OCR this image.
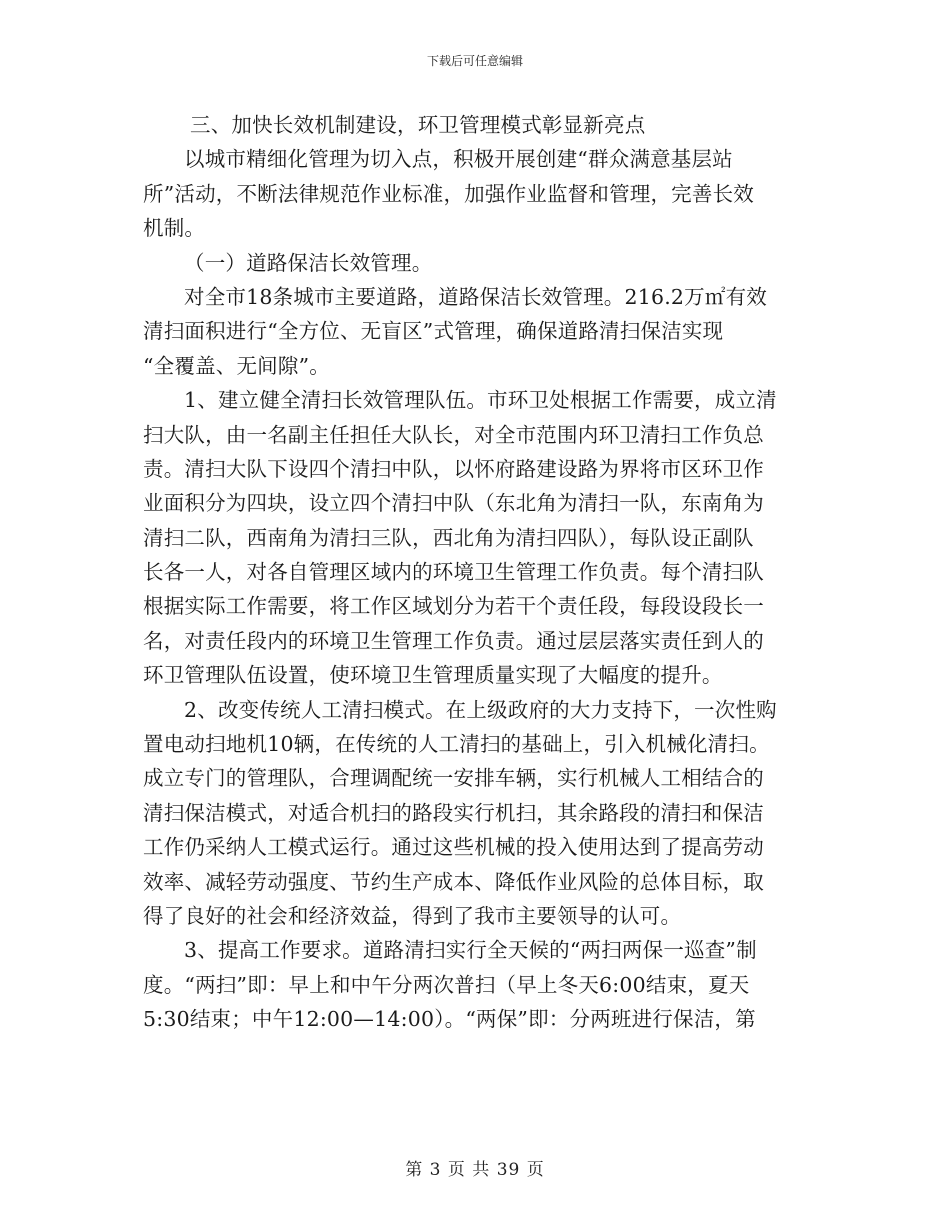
下载后可任意编辑
三、加快长效机制建设，环卫管理模式彰显新亮点
以城市精细化管理为切入点，积极开展创建“群众满意基层站
所”活动，不断法律规范作业标准，加强作业监督和管理，完善长效
机制。
（一）道路保洁长效管理。
对全市18条城市主要道路，道路保洁长效管理。216.2万㎡有效
清扫面积进行“全方位、无盲区”式管理，确保道路清扫保洁实现
“全覆盖、无间隙”。
1、建立健全清扫长效管理队伍。市环卫处根据工作需要，成立清
扫大队，由一名副主任担任大队长，对全市范围内环卫清扫工作负总
责。清扫大队下设四个清扫中队，以怀府路建设路为界将市区环卫作
业面积分为四块，设立四个清扫中队（东北角为清扫一队，东南角为
清扫二队，西南角为清扫三队，西北角为清扫四队），每队设正副队
长各一人，对各自管理区域内的环境卫生管理工作负责。每个清扫队
根据实际工作需要，将工作区域划分为若干个责任段，每段设段长一
名，对责任段内的环境卫生管理工作负责。通过层层落实责任到人的
环卫管理队伍设置，使环境卫生管理质量实现了大幅度的提升。
2、改变传统人工清扫模式。在上级政府的大力支持下，一次性购
置电动扫地机10辆，在传统的人工清扫的基础上，引入机械化清扫。
成立专门的管理队，合理调配统一安排车辆，实行机械人工相结合的
清扫保洁模式，对适合机扫的路段实行机扫，其余路段的清扫和保洁
工作仍采纳人工模式运行。通过这些机械的投入使用达到了提高劳动
效率、减轻劳动强度、节约生产成本、降低作业风险的总体目标，取
得了良好的社会和经济效益，得到了我市主要领导的认可。
3、提高工作要求。道路清扫实行全天候的“两扫两保一巡查”制
度。“两扫”即：早上和中午分两次普扫（早上冬天6:00结束，夏天
5:30结束；中午12:00—14:00）。“两保”即：分两班进行保洁，第
第 3 页 共 39 页
